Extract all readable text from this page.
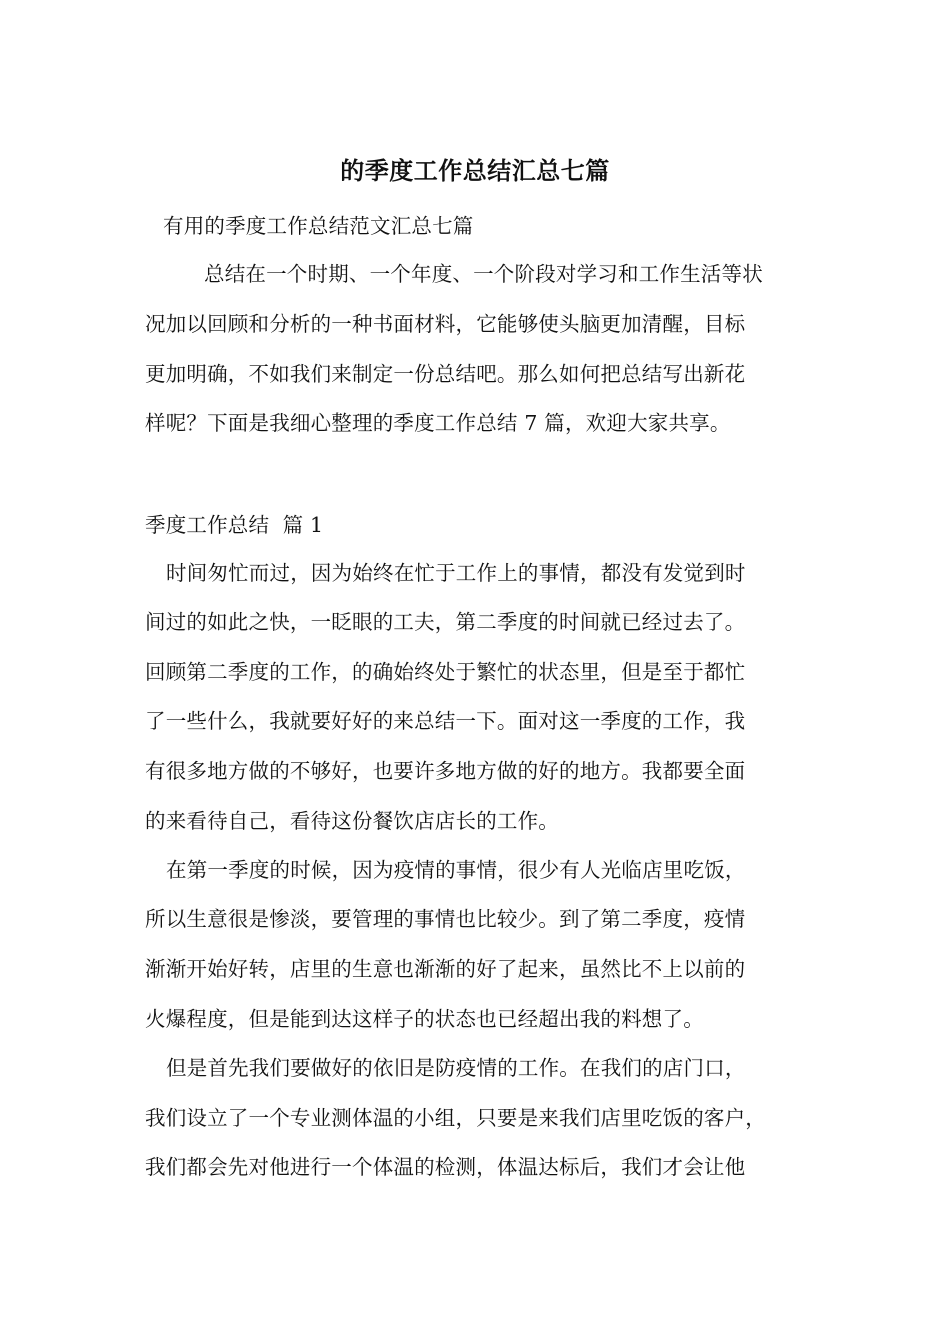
的季度工作总结汇总七篇
有用的季度工作总结范文汇总七篇
总结在一个时期、一个年度、一个阶段对学习和工作生活等状
况加以回顾和分析的一种书面材料，它能够使头脑更加清醒，目标
更加明确，不如我们来制定一份总结吧。那么如何把总结写出新花
样呢？下面是我细心整理的季度工作总结 7 篇，欢迎大家共享。
季度工作总结  篇 1
时间匆忙而过，因为始终在忙于工作上的事情，都没有发觉到时
间过的如此之快，一眨眼的工夫，第二季度的时间就已经过去了。
回顾第二季度的工作，的确始终处于繁忙的状态里，但是至于都忙
了一些什么，我就要好好的来总结一下。面对这一季度的工作，我
有很多地方做的不够好，也要许多地方做的好的地方。我都要全面
的来看待自己，看待这份餐饮店店长的工作。
在第一季度的时候，因为疫情的事情，很少有人光临店里吃饭，
所以生意很是惨淡，要管理的事情也比较少。到了第二季度，疫情
渐渐开始好转，店里的生意也渐渐的好了起来，虽然比不上以前的
火爆程度，但是能到达这样子的状态也已经超出我的料想了。
但是首先我们要做好的依旧是防疫情的工作。在我们的店门口，
我们设立了一个专业测体温的小组，只要是来我们店里吃饭的客户，
我们都会先对他进行一个体温的检测，体温达标后，我们才会让他
